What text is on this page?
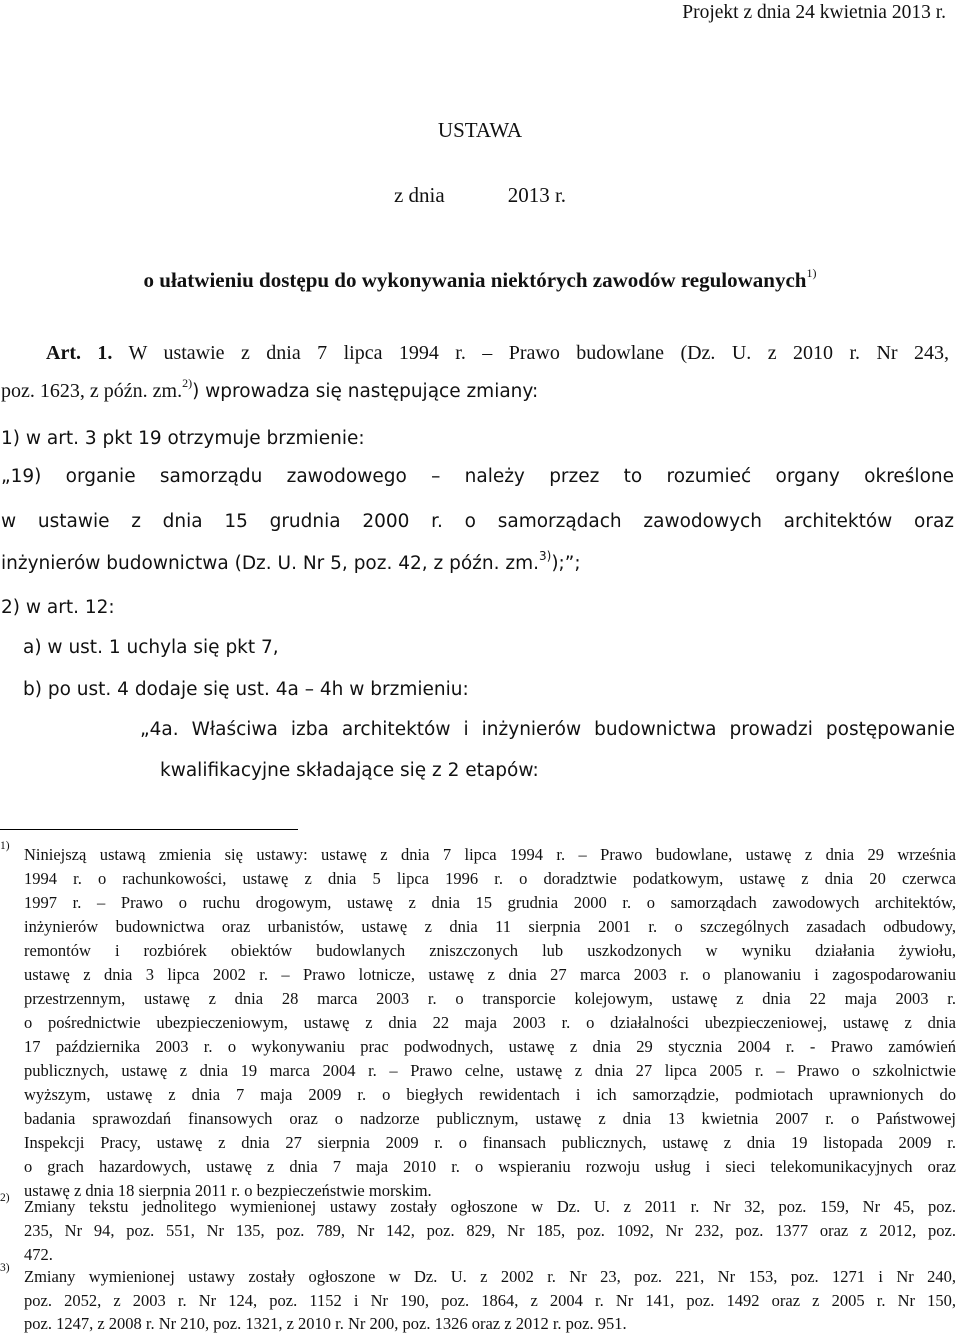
Projekt z dnia 24 kwietnia 2013 r.
USTAWA
z dnia            2013 r.
o ułatwieniu dostępu do wykonywania niektórych zawodów regulowanych$^{1)}$
Art. 1. W ustawie z dnia 7 lipca 1994 r. – Prawo budowlane (Dz. U. z 2010 r. Nr 243,
poz. 1623, z późn. zm.$^{2)}$) wprowadza się następujące zmiany:
1) w art. 3 pkt 19 otrzymuje brzmienie:
„19) organie samorządu zawodowego – należy przez to rozumieć organy określone
w ustawie z dnia 15 grudnia 2000 r. o samorządach zawodowych architektów oraz
inżynierów budownictwa (Dz. U. Nr 5, poz. 42, z późn. zm.$^{3)}$);”;
2) w art. 12:
a) w ust. 1 uchyla się pkt 7,
b) po ust. 4 dodaje się ust. 4a – 4h w brzmieniu:
„4a. Właściwa izba architektów i inżynierów budownictwa prowadzi postępowanie
kwalifikacyjne składające się z 2 etapów:
1) Niniejszą ustawą zmienia się ustawy: ustawę z dnia 7 lipca 1994 r. – Prawo budowlane, ustawę z dnia 29 września
1994 r. o rachunkowości, ustawę z dnia 5 lipca 1996 r. o doradztwie podatkowym, ustawę z dnia 20 czerwca
1997 r. – Prawo o ruchu drogowym, ustawę z dnia 15 grudnia 2000 r. o samorządach zawodowych architektów,
inżynierów budownictwa oraz urbanistów, ustawę z dnia 11 sierpnia 2001 r. o szczególnych zasadach odbudowy,
remontów i rozbiórek obiektów budowlanych zniszczonych lub uszkodzonych w wyniku działania żywiołu,
ustawę z dnia 3 lipca 2002 r. – Prawo lotnicze, ustawę z dnia 27 marca 2003 r. o planowaniu i zagospodarowaniu
przestrzennym, ustawę z dnia 28 marca 2003 r. o transporcie kolejowym, ustawę z dnia 22 maja 2003 r.
o pośrednictwie ubezpieczeniowym, ustawę z dnia 22 maja 2003 r. o działalności ubezpieczeniowej, ustawę z dnia
17 października 2003 r. o wykonywaniu prac podwodnych, ustawę z dnia 29 stycznia 2004 r. - Prawo zamówień
publicznych, ustawę z dnia 19 marca 2004 r. – Prawo celne, ustawę z dnia 27 lipca 2005 r. – Prawo o szkolnictwie
wyższym, ustawę z dnia 7 maja 2009 r. o biegłych rewidentach i ich samorządzie, podmiotach uprawnionych do
badania sprawozdań finansowych oraz o nadzorze publicznym, ustawę z dnia 13 kwietnia 2007 r. o Państwowej
Inspekcji Pracy, ustawę z dnia 27 sierpnia 2009 r. o finansach publicznych, ustawę z dnia 19 listopada 2009 r.
o grach hazardowych, ustawę z dnia 7 maja 2010 r. o wspieraniu rozwoju usług i sieci telekomunikacyjnych oraz
ustawę z dnia 18 sierpnia 2011 r. o bezpieczeństwie morskim.
2) Zmiany tekstu jednolitego wymienionej ustawy zostały ogłoszone w Dz. U. z 2011 r. Nr 32, poz. 159, Nr 45, poz.
235, Nr 94, poz. 551, Nr 135, poz. 789, Nr 142, poz. 829, Nr 185, poz. 1092, Nr 232, poz. 1377 oraz z 2012, poz.
472.
3) Zmiany wymienionej ustawy zostały ogłoszone w Dz. U. z 2002 r. Nr 23, poz. 221, Nr 153, poz. 1271 i Nr 240,
poz. 2052, z 2003 r. Nr 124, poz. 1152 i Nr 190, poz. 1864, z 2004 r. Nr 141, poz. 1492 oraz z 2005 r. Nr 150,
poz. 1247, z 2008 r. Nr 210, poz. 1321, z 2010 r. Nr 200, poz. 1326 oraz z 2012 r. poz. 951.
